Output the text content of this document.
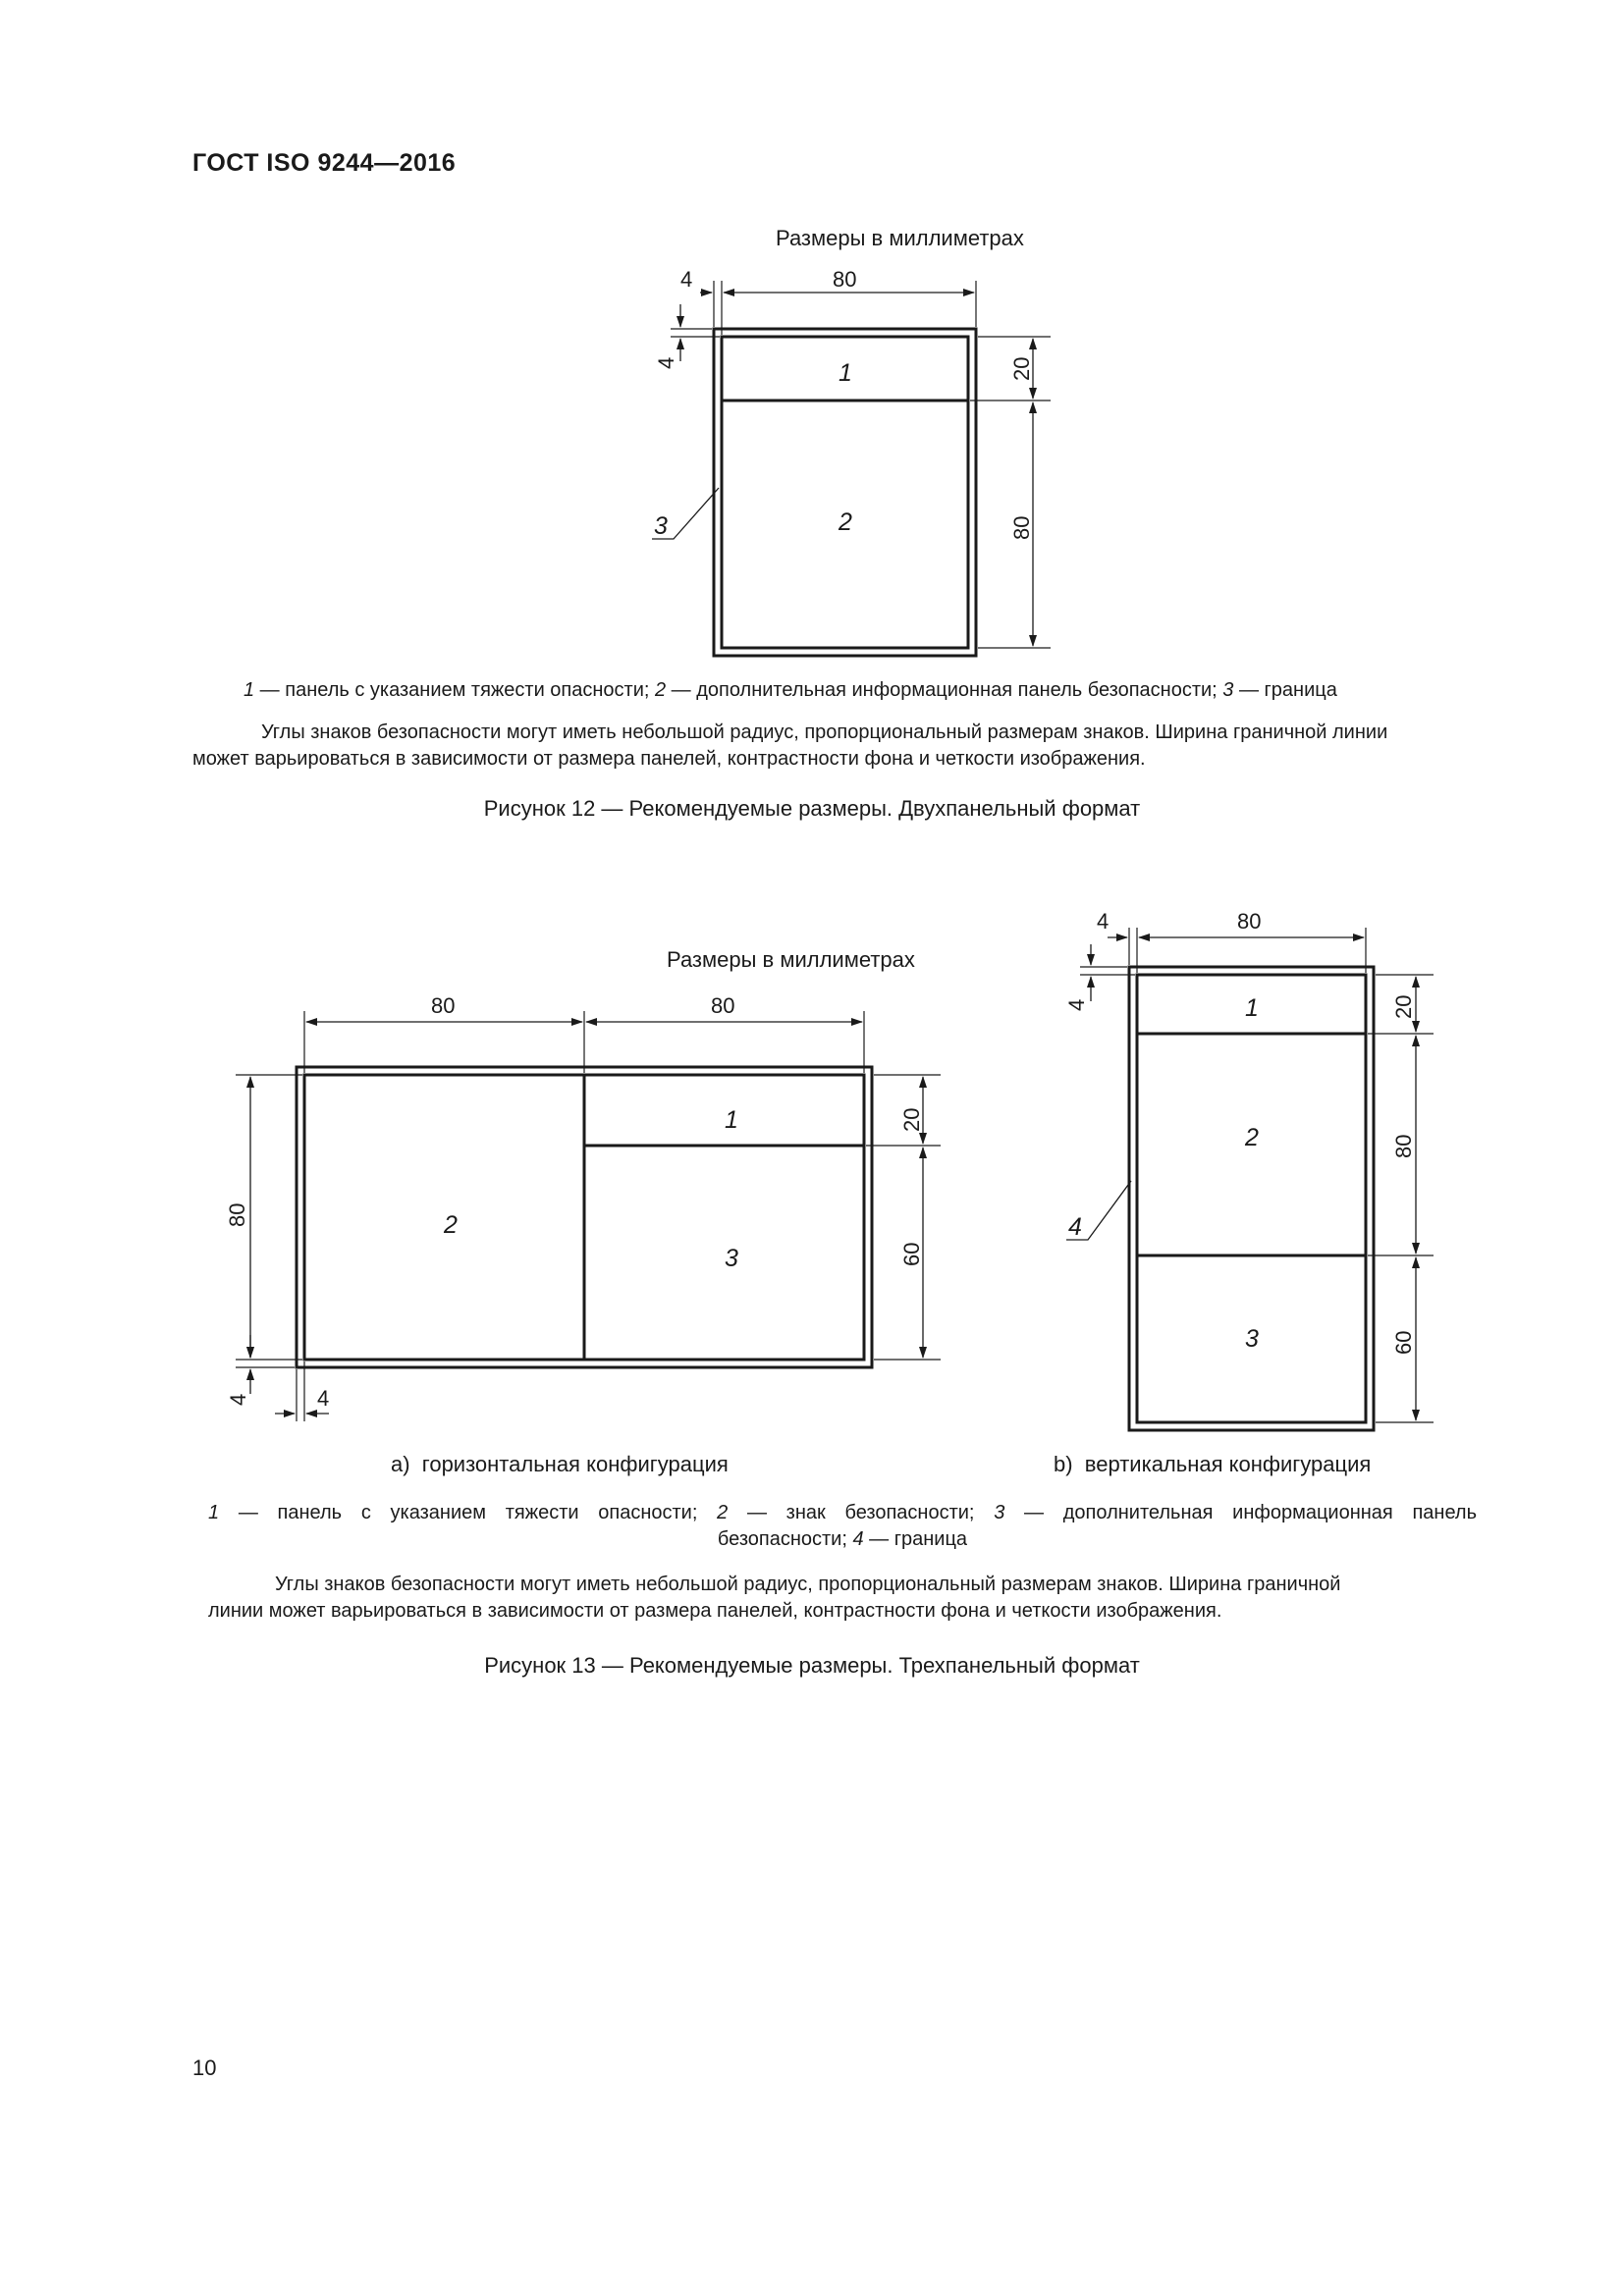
ГОСТ ISO 9244—2016
Размеры в миллиметрах
80
4
4	20
80
1
2
3
Размеры в миллиметрах
80	80
80
4	4
20
60
1
2
3
80
4
4	20
80
60
1
2
3
4
1 — панель с указанием тяжести опасности; 2 — дополнительная информационная панель безопасности; 3 — граница
Углы знаков безопасности могут иметь небольшой радиус, пропорциональный размерам знаков. Ширина граничной линии
может варьироваться в зависимости от размера панелей, контрастности фона и четкости изображения.
Рисунок 12 — Рекомендуемые размеры. Двухпанельный формат
a)  горизонтальная конфигурация	b)  вертикальная конфигурация
1 — панель с указанием тяжести опасности; 2 — знак безопасности; 3 — дополнительная информационная панель
безопасности; 4 — граница
Углы знаков безопасности могут иметь небольшой радиус, пропорциональный размерам знаков. Ширина граничной
линии может варьироваться в зависимости от размера панелей, контрастности фона и четкости изображения.
Рисунок 13 — Рекомендуемые размеры. Трехпанельный формат
10
